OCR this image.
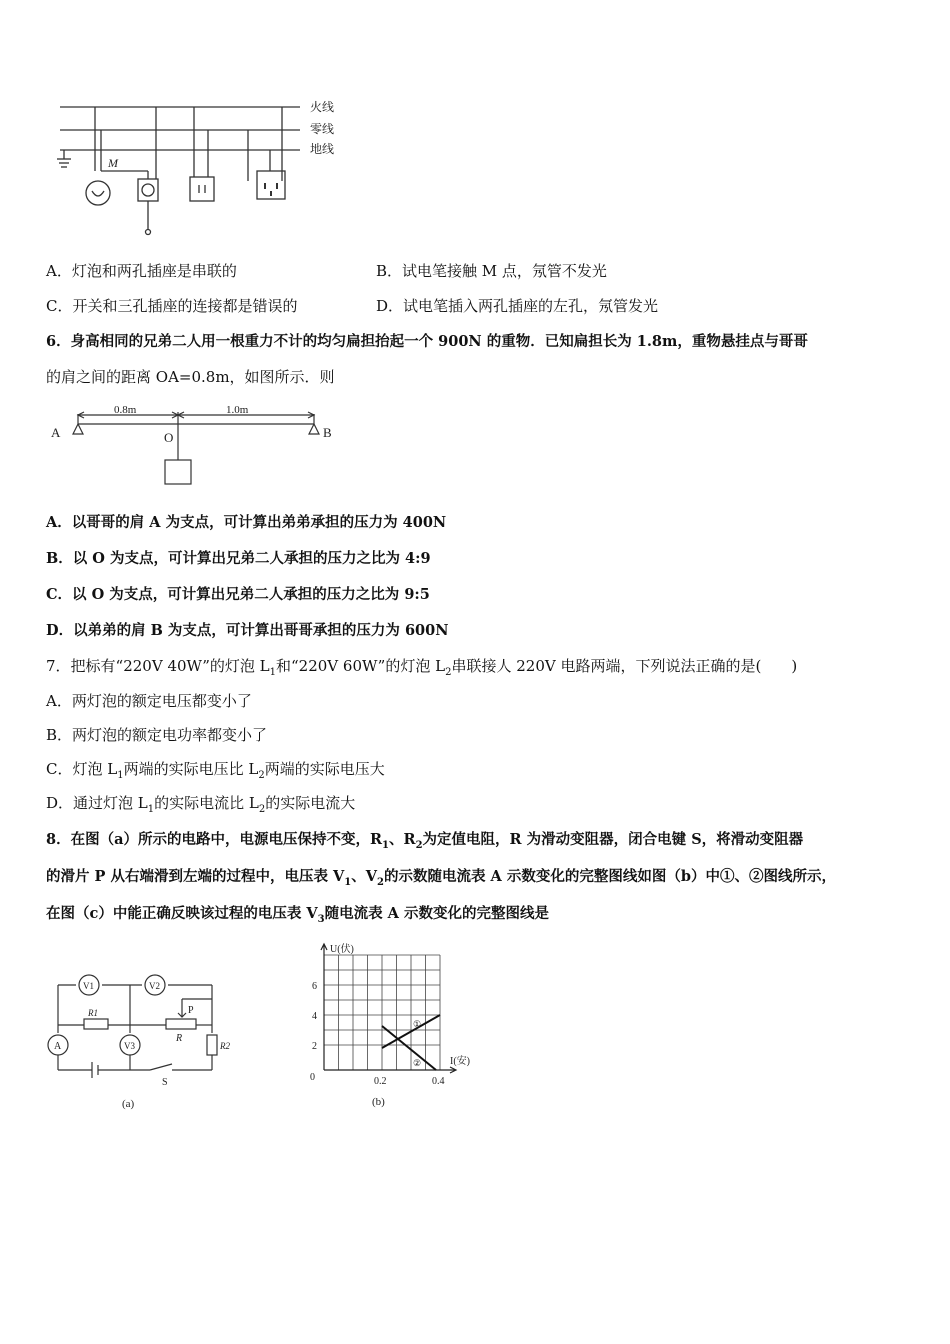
M
火线
零线
地线
A．灯泡和两孔插座是串联的	B．试电笔接触 M 点，氖管不发光
C．开关和三孔插座的连接都是错误的	D．试电笔插入两孔插座的左孔，氖管发光
6．身高相同的兄弟二人用一根重力不计的均匀扁担抬起一个 900N 的重物．已知扁担长为 1.8m，重物悬挂点与哥哥
的肩之间的距离 OA=0.8m，如图所示．则
A	B
O
0.8m	1.0m
A．以哥哥的肩 A 为支点，可计算出弟弟承担的压力为 400N
B．以 O 为支点，可计算出兄弟二人承担的压力之比为 4:9
C．以 O 为支点，可计算出兄弟二人承担的压力之比为 9:5
D．以弟弟的肩 B 为支点，可计算出哥哥承担的压力为 600N
7．把标有“220V 40W”的灯泡 $L_1$和“220V 60W”的灯泡 $L_2$串联接人 220V 电路两端，下列说法正确的是(　　)
A．两灯泡的额定电压都变小了
B．两灯泡的额定电功率都变小了
C．灯泡 $L_1$两端的实际电压比 $L_2$两端的实际电压大
D．通过灯泡 $L_1$的实际电流比 $L_2$的实际电流大
8．在图（a）所示的电路中，电源电压保持不变，$R_1$、$R_2$为定值电阻，R 为滑动变阻器，闭合电键 S，将滑动变阻器
的滑片 P 从右端滑到左端的过程中，电压表 $V_1$、$V_2$的示数随电流表 A 示数变化的完整图线如图（b）中①、②图线所示，
在图（c）中能正确反映该过程的电压表 $V_3$随电流表 A 示数变化的完整图线是
V1	V2
V3
A
R1
R
R2
P
S
(a)
U(伏)
I(安)
6
4
2
0	0.2	0.4
①
②
(b)
